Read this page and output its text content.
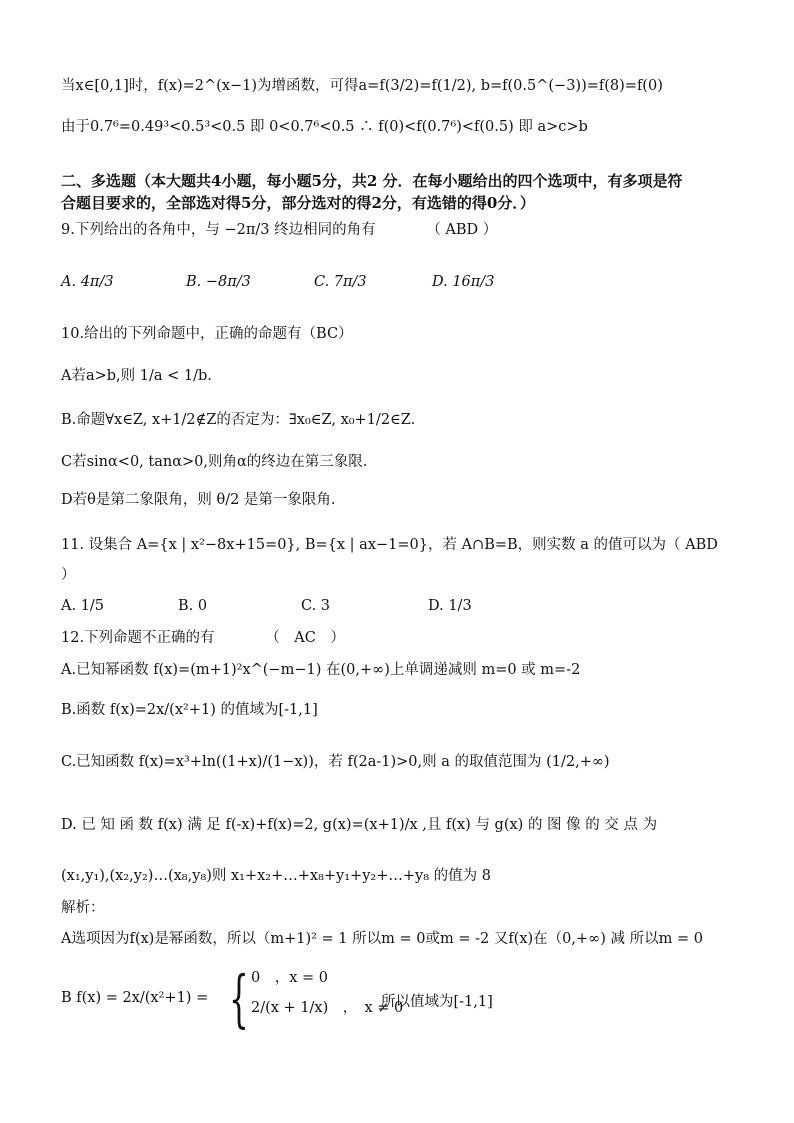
当x∈[0,1]时，f(x)=2^(x−1)为增函数，可得a=f(3/2)=f(1/2), b=f(0.5^(−3))=f(8)=f(0)
由于0.7⁶=0.49³<0.5³<0.5 即 0<0.7⁶<0.5 ∴ f(0)<f(0.7⁶)<f(0.5) 即 a>c>b
二、多选题（本大题共4小题，每小题5分，共2 分．在每小题给出的四个选项中，有多项是符
合题目要求的，全部选对得5分，部分选对的得2分，有选错的得0分．）
9.下列给出的各角中，与 −2π/3 终边相同的角有　　　　（ ABD ）
A. 4π/3	B. −8π/3	C. 7π/3	D. 16π/3
10.给出的下列命题中，正确的命题有（BC）
A若a>b,则 1/a < 1/b.
B.命题∀x∈Z, x+1/2∉Z的否定为：∃x₀∈Z, x₀+1/2∈Z.
C若sinα<0, tanα>0,则角α的终边在第三象限.
D若θ是第二象限角，则 θ/2 是第一象限角.
11. 设集合 A={x | x²−8x+15=0}, B={x | ax−1=0}，若 A∩B=B，则实数 a 的值可以为（ ABD
）
A. 1/5	B. 0	C. 3	D. 1/3
12.下列命题不正确的有　　　　（　AC　）
A.已知幂函数 f(x)=(m+1)²x^(−m−1) 在(0,+∞)上单调递减则 m=0 或 m=-2
B.函数 f(x)=2x/(x²+1) 的值域为[-1,1]
C.已知函数 f(x)=x³+ln((1+x)/(1−x))，若 f(2a-1)>0,则 a 的取值范围为 (1/2,+∞)
D. 已 知 函 数 f(x) 满 足 f(-x)+f(x)=2, g(x)=(x+1)/x ,且 f(x) 与 g(x) 的 图 像 的 交 点 为
(x₁,y₁),(x₂,y₂)…(x₈,y₈)则 x₁+x₂+…+x₈+y₁+y₂+…+y₈ 的值为 8
解析：
A选项因为f(x)是幂函数，所以（m+1)² = 1 所以m = 0或m = -2 又f(x)在（0,+∞) 减 所以m = 0
B f(x) = 2x/(x²+1) = { 0　，x = 0
2/(x + 1/x)　，　x ≠ 0
所以值域为[-1,1]
